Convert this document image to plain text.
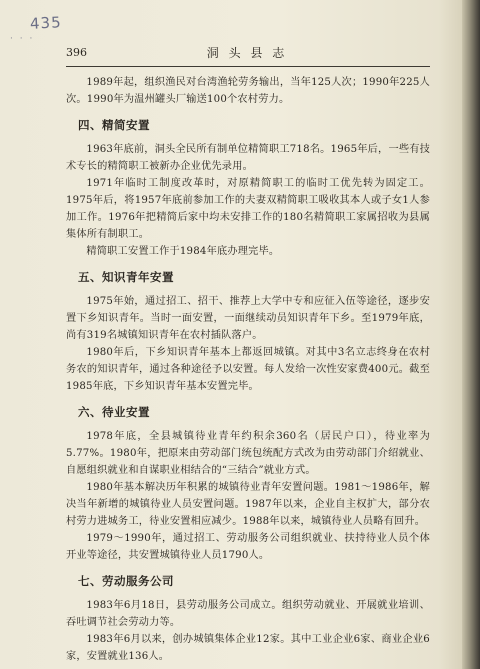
435
· · ·
396	洞 头 县 志

1989年起，组织渔民对台湾渔轮劳务输出，当年125人次；1990年225人次。1990年为温州罐头厂输送100个农村劳力。

四、精简安置

1963年底前，洞头全民所有制单位精简职工718名。1965年后，一些有技术专长的精简职工被新办企业优先录用。

1971年临时工制度改革时，对原精简职工的临时工优先转为固定工。1975年后，将1957年底前参加工作的夫妻双精简职工吸收其本人或子女1人参加工作。1976年把精简后家中均未安排工作的180名精简职工家属招收为县属集体所有制职工。

精简职工安置工作于1984年底办理完毕。

五、知识青年安置

1975年始，通过招工、招干、推荐上大学中专和应征入伍等途径，逐步安置下乡知识青年。当时一面安置，一面继续动员知识青年下乡。至1979年底，尚有319名城镇知识青年在农村插队落户。

1980年后，下乡知识青年基本上都返回城镇。对其中3名立志终身在农村务农的知识青年，通过各种途径予以安置。每人发给一次性安家费400元。截至1985年底，下乡知识青年基本安置完毕。

六、待业安置

1978年底，全县城镇待业青年约积余360名（居民户口），待业率为5.77%。1980年，把原来由劳动部门统包统配方式改为由劳动部门介绍就业、自愿组织就业和自谋职业相结合的“三结合”就业方式。

1980年基本解决历年积累的城镇待业青年安置问题。1981～1986年，解决当年新增的城镇待业人员安置问题。1987年以来，企业自主权扩大，部分农村劳力进城务工，待业安置相应减少。1988年以来，城镇待业人员略有回升。

1979～1990年，通过招工、劳动服务公司组织就业、扶持待业人员个体开业等途径，共安置城镇待业人员1790人。

七、劳动服务公司

1983年6月18日，县劳动服务公司成立。组织劳动就业、开展就业培训、吞吐调节社会劳动力等。

1983年6月以来，创办城镇集体企业12家。其中工业企业6家、商业企业6家，安置就业136人。
